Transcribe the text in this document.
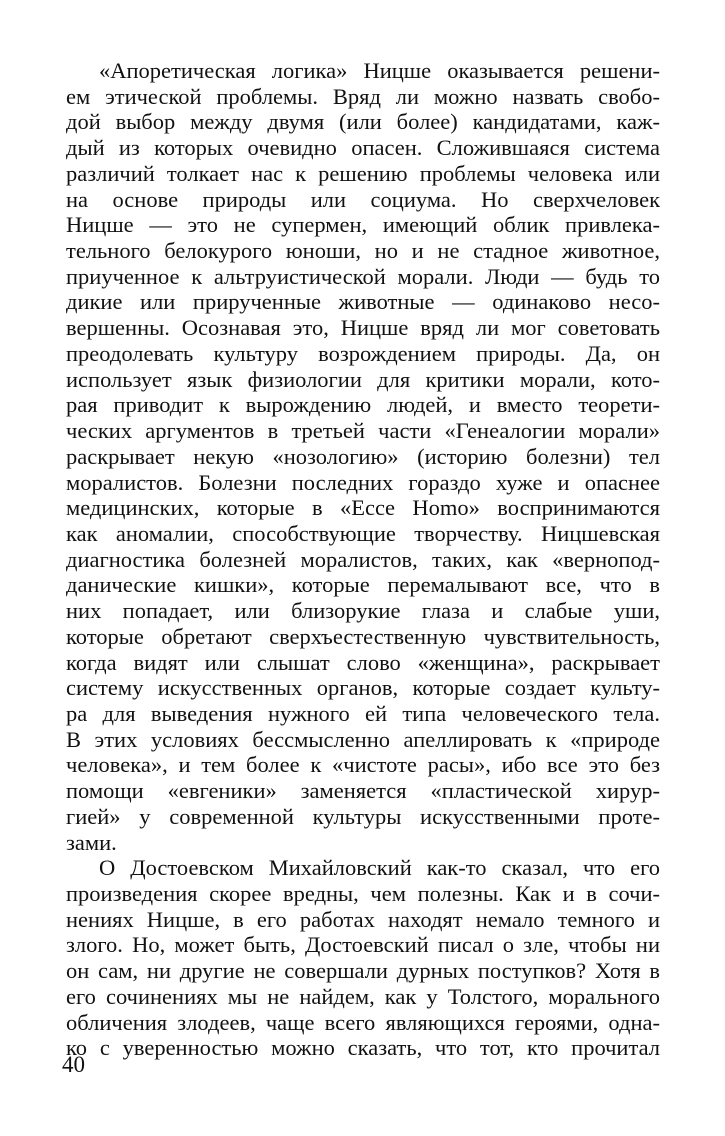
«Апоретическая логика» Ницше оказывается решени-
ем этической проблемы. Вряд ли можно назвать свобо-
дой выбор между двумя (или более) кандидатами, каж-
дый из которых очевидно опасен. Сложившаяся система
различий толкает нас к решению проблемы человека или
на основе природы или социума. Но сверхчеловек
Ницше — это не супермен, имеющий облик привлека-
тельного белокурого юноши, но и не стадное животное,
приученное к альтруистической морали. Люди — будь то
дикие или прирученные животные — одинаково несо-
вершенны. Осознавая это, Ницше вряд ли мог советовать
преодолевать культуру возрождением природы. Да, он
использует язык физиологии для критики морали, кото-
рая приводит к вырождению людей, и вместо теорети-
ческих аргументов в третьей части «Генеалогии морали»
раскрывает некую «нозологию» (историю болезни) тел
моралистов. Болезни последних гораздо хуже и опаснее
медицинских, которые в «Ecce Homo» воспринимаются
как аномалии, способствующие творчеству. Ницшевская
диагностика болезней моралистов, таких, как «вернопод-
данические кишки», которые перемалывают все, что в
них попадает, или близорукие глаза и слабые уши,
которые обретают сверхъестественную чувствительность,
когда видят или слышат слово «женщина», раскрывает
систему искусственных органов, которые создает культу-
ра для выведения нужного ей типа человеческого тела.
В этих условиях бессмысленно апеллировать к «природе
человека», и тем более к «чистоте расы», ибо все это без
помощи «евгеники» заменяется «пластической хирур-
гией» у современной культуры искусственными проте-
зами.
О Достоевском Михайловский как-то сказал, что его
произведения скорее вредны, чем полезны. Как и в сочи-
нениях Ницше, в его работах находят немало темного и
злого. Но, может быть, Достоевский писал о зле, чтобы ни
он сам, ни другие не совершали дурных поступков? Хотя в
его сочинениях мы не найдем, как у Толстого, морального
обличения злодеев, чаще всего являющихся героями, одна-
ко с уверенностью можно сказать, что тот, кто прочитал
40
